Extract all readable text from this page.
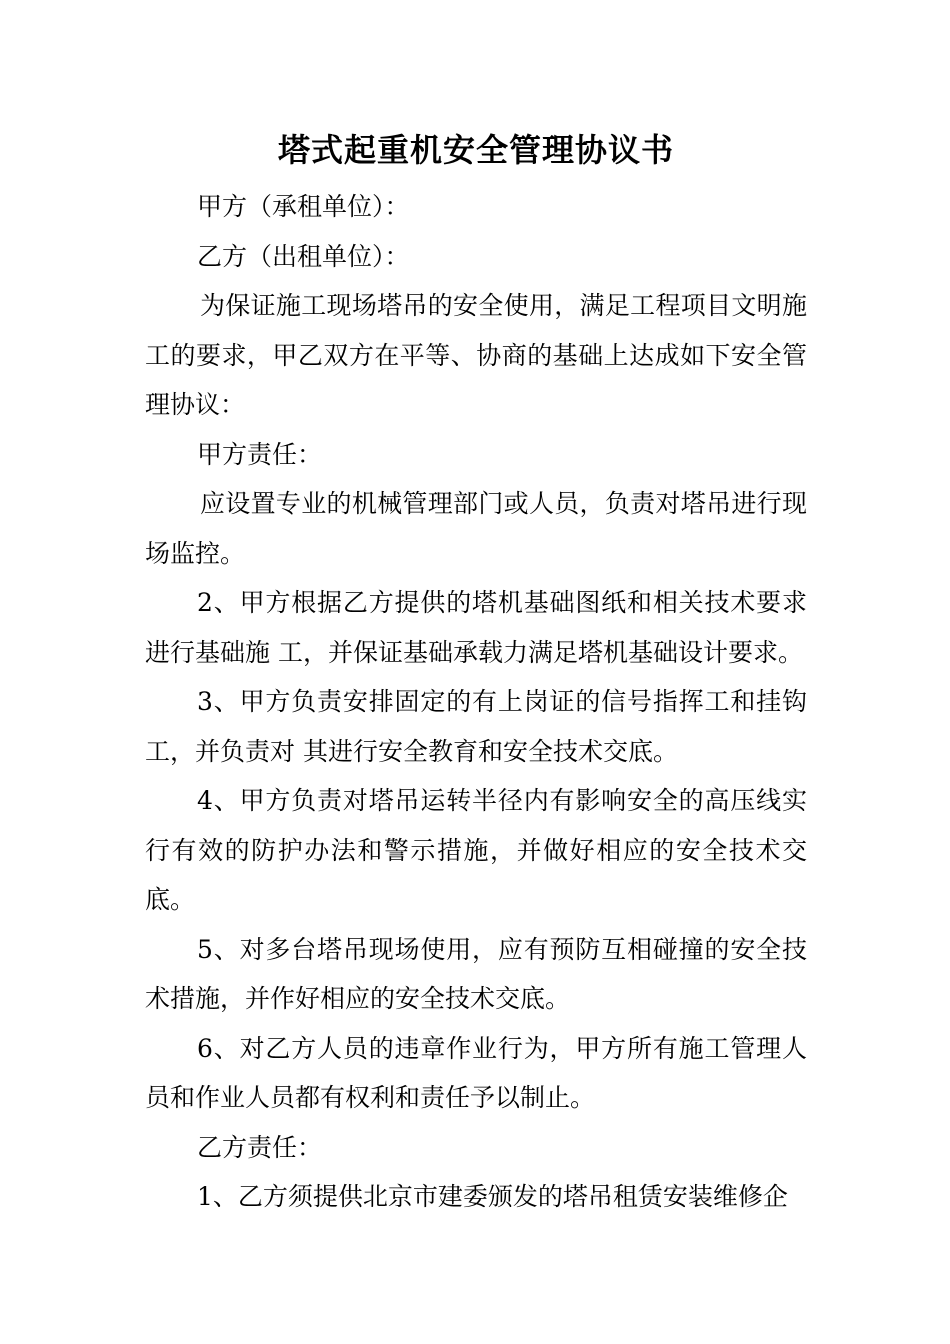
塔式起重机安全管理协议书

甲方（承租单位）：

乙方（出租单位）：

为保证施工现场塔吊的安全使用，满足工程项目文明施工的要求，甲乙双方在平等、协商的基础上达成如下安全管理协议：

甲方责任：

应设置专业的机械管理部门或人员，负责对塔吊进行现场监控。

2、甲方根据乙方提供的塔机基础图纸和相关技术要求进行基础施 工，并保证基础承载力满足塔机基础设计要求。

3、甲方负责安排固定的有上岗证的信号指挥工和挂钩工，并负责对 其进行安全教育和安全技术交底。

4、甲方负责对塔吊运转半径内有影响安全的高压线实行有效的防护办法和警示措施，并做好相应的安全技术交底。

5、对多台塔吊现场使用，应有预防互相碰撞的安全技术措施，并作好相应的安全技术交底。

6、对乙方人员的违章作业行为，甲方所有施工管理人员和作业人员都有权利和责任予以制止。

乙方责任：

1、乙方须提供北京市建委颁发的塔吊租赁安装维修企
